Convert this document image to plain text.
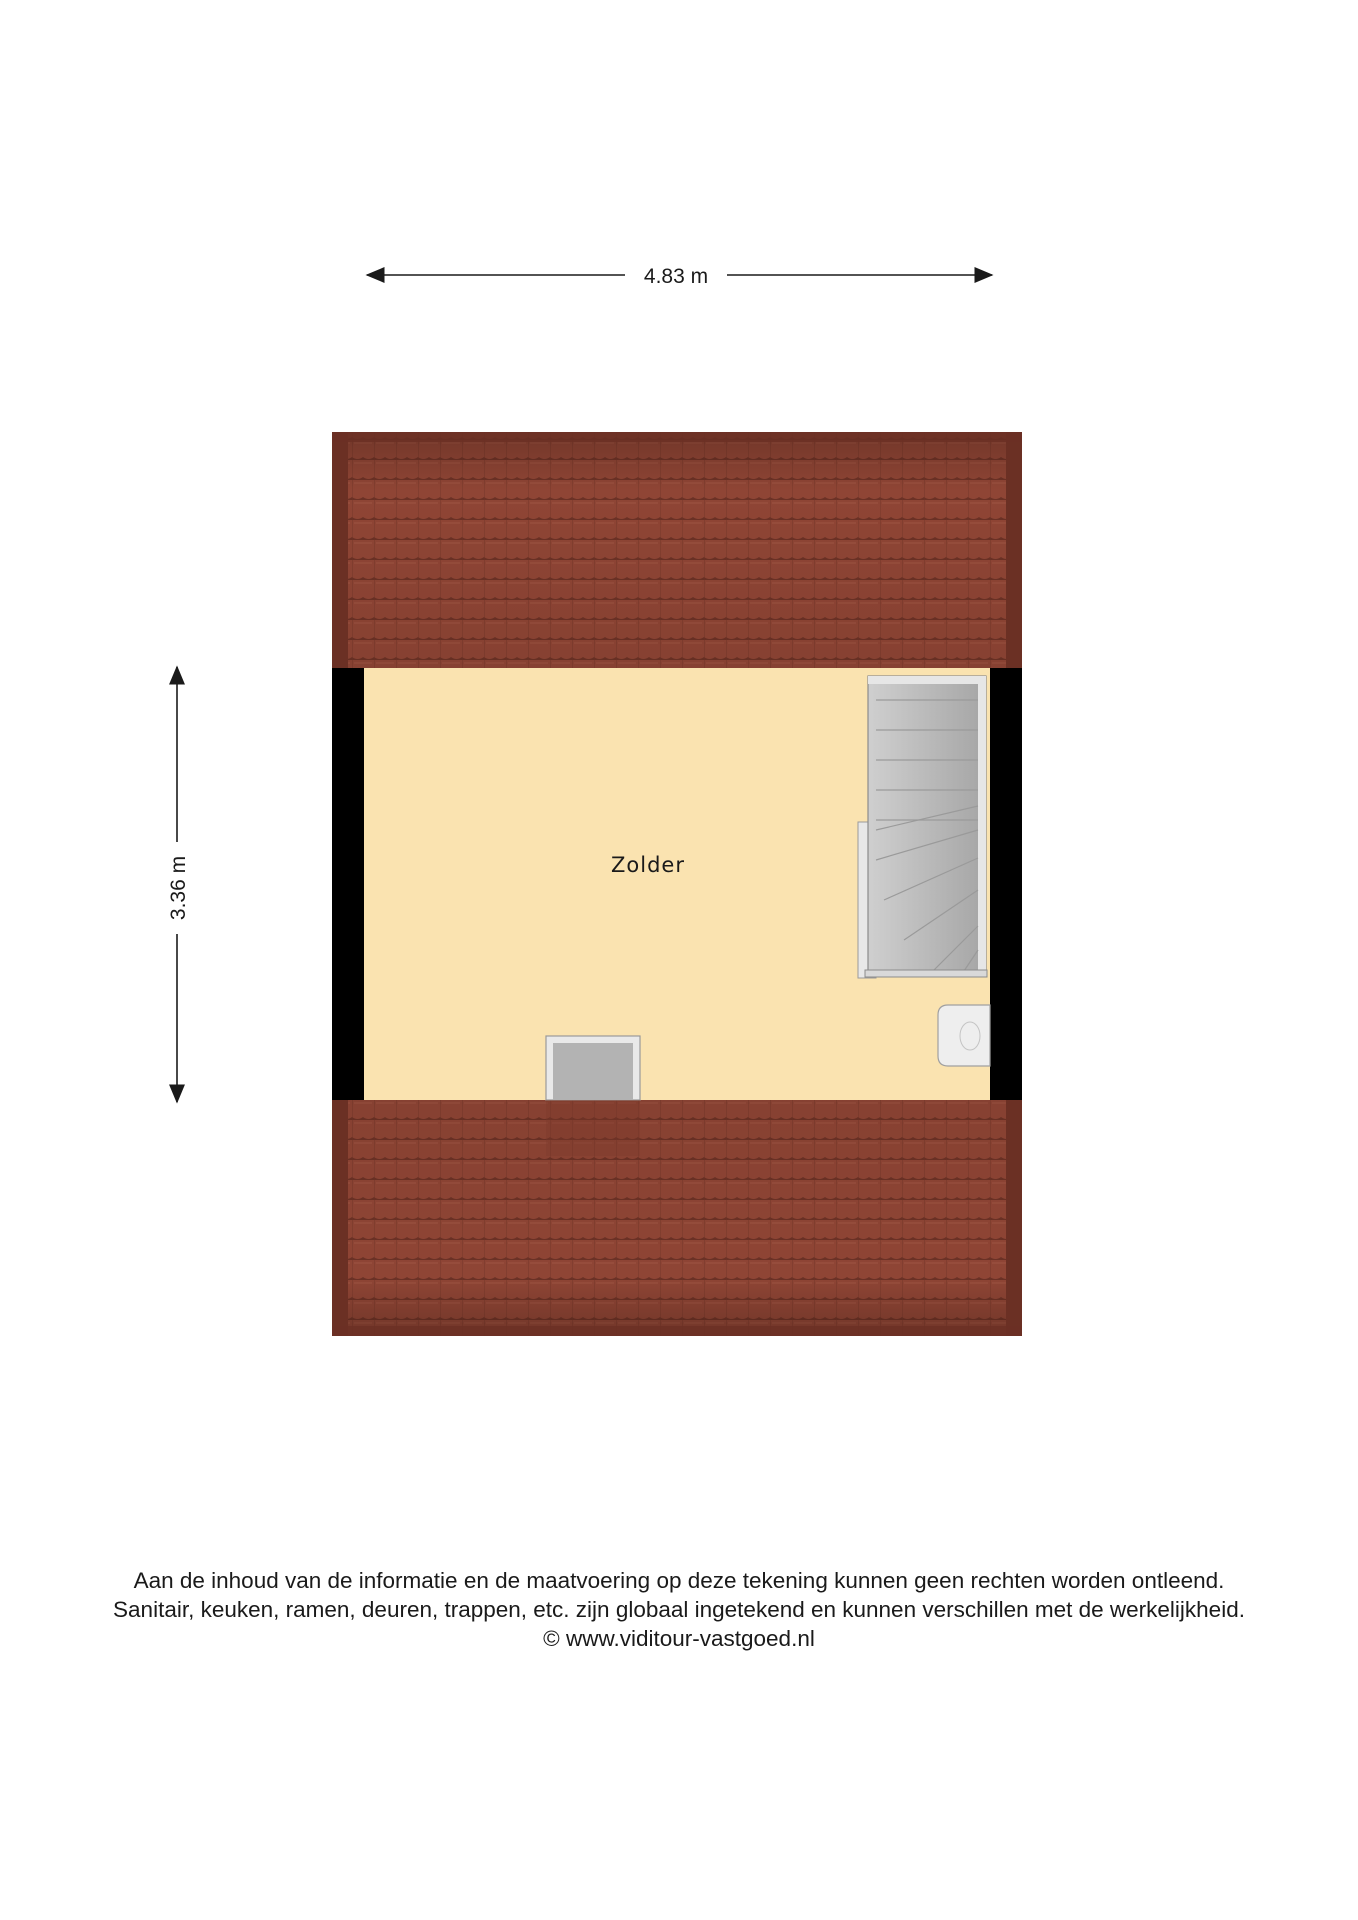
4.83 m
3.36 m	Zolder
Aan de inhoud van de informatie en de maatvoering op deze tekening kunnen geen rechten worden ontleend.
Sanitair, keuken, ramen, deuren, trappen, etc. zijn globaal ingetekend en kunnen verschillen met de werkelijkheid.
© www.viditour-vastgoed.nl
